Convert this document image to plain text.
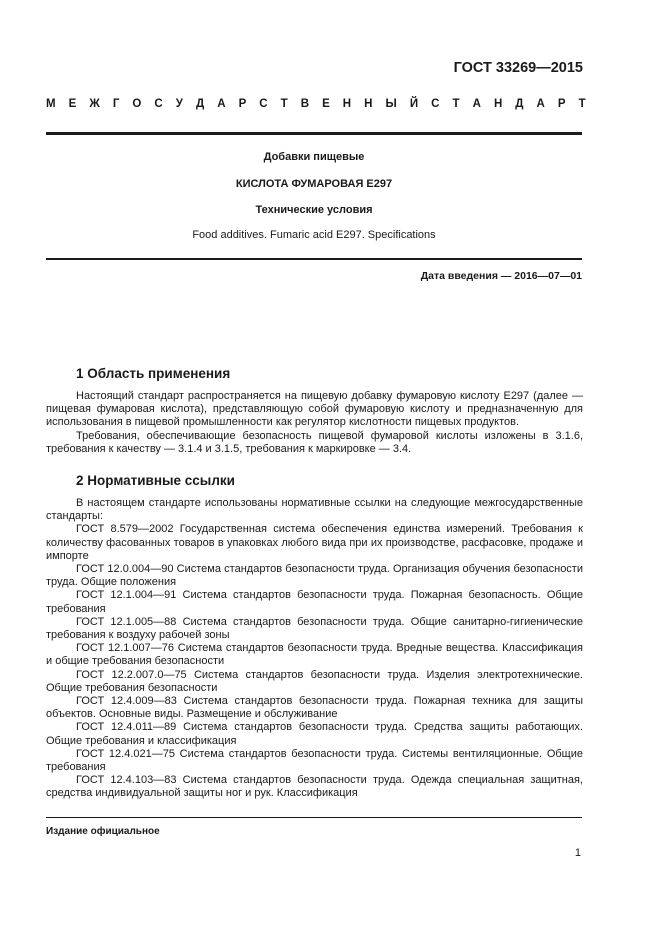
ГОСТ 33269—2015
М Е Ж Г О С У Д А Р С Т В Е Н Н Ы Й С Т А Н Д А Р Т
Добавки пищевые
КИСЛОТА ФУМАРОВАЯ Е297
Технические условия
Food additives. Fumaric acid E297. Specifications
Дата введения — 2016—07—01
1 Область применения

Настоящий стандарт распространяется на пищевую добавку фумаровую кислоту Е297 (далее — пищевая фумаровая кислота), представляющую собой фумаровую кислоту и предназначенную для использования в пищевой промышленности как регулятор кислотности пищевых продуктов.

Требования, обеспечивающие безопасность пищевой фумаровой кислоты изложены в 3.1.6, требования к качеству — 3.1.4 и 3.1.5, требования к маркировке — 3.4.

2 Нормативные ссылки

В настоящем стандарте использованы нормативные ссылки на следующие межгосударственные стандарты:

ГОСТ 8.579—2002 Государственная система обеспечения единства измерений. Требования к количеству фасованных товаров в упаковках любого вида при их производстве, расфасовке, продаже и импорте

ГОСТ 12.0.004—90 Система стандартов безопасности труда. Организация обучения безопасности труда. Общие положения

ГОСТ 12.1.004—91 Система стандартов безопасности труда. Пожарная безопасность. Общие требования

ГОСТ 12.1.005—88 Система стандартов безопасности труда. Общие санитарно-гигиенические требования к воздуху рабочей зоны

ГОСТ 12.1.007—76 Система стандартов безопасности труда. Вредные вещества. Классификация и общие требования безопасности

ГОСТ 12.2.007.0—75 Система стандартов безопасности труда. Изделия электротехнические. Общие требования безопасности

ГОСТ 12.4.009—83 Система стандартов безопасности труда. Пожарная техника для защиты объектов. Основные виды. Размещение и обслуживание

ГОСТ 12.4.011—89 Система стандартов безопасности труда. Средства защиты работающих. Общие требования и классификация

ГОСТ 12.4.021—75 Система стандартов безопасности труда. Системы вентиляционные. Общие требования

ГОСТ 12.4.103—83 Система стандартов безопасности труда. Одежда специальная защитная, средства индивидуальной защиты ног и рук. Классификация

Издание официальное
1
